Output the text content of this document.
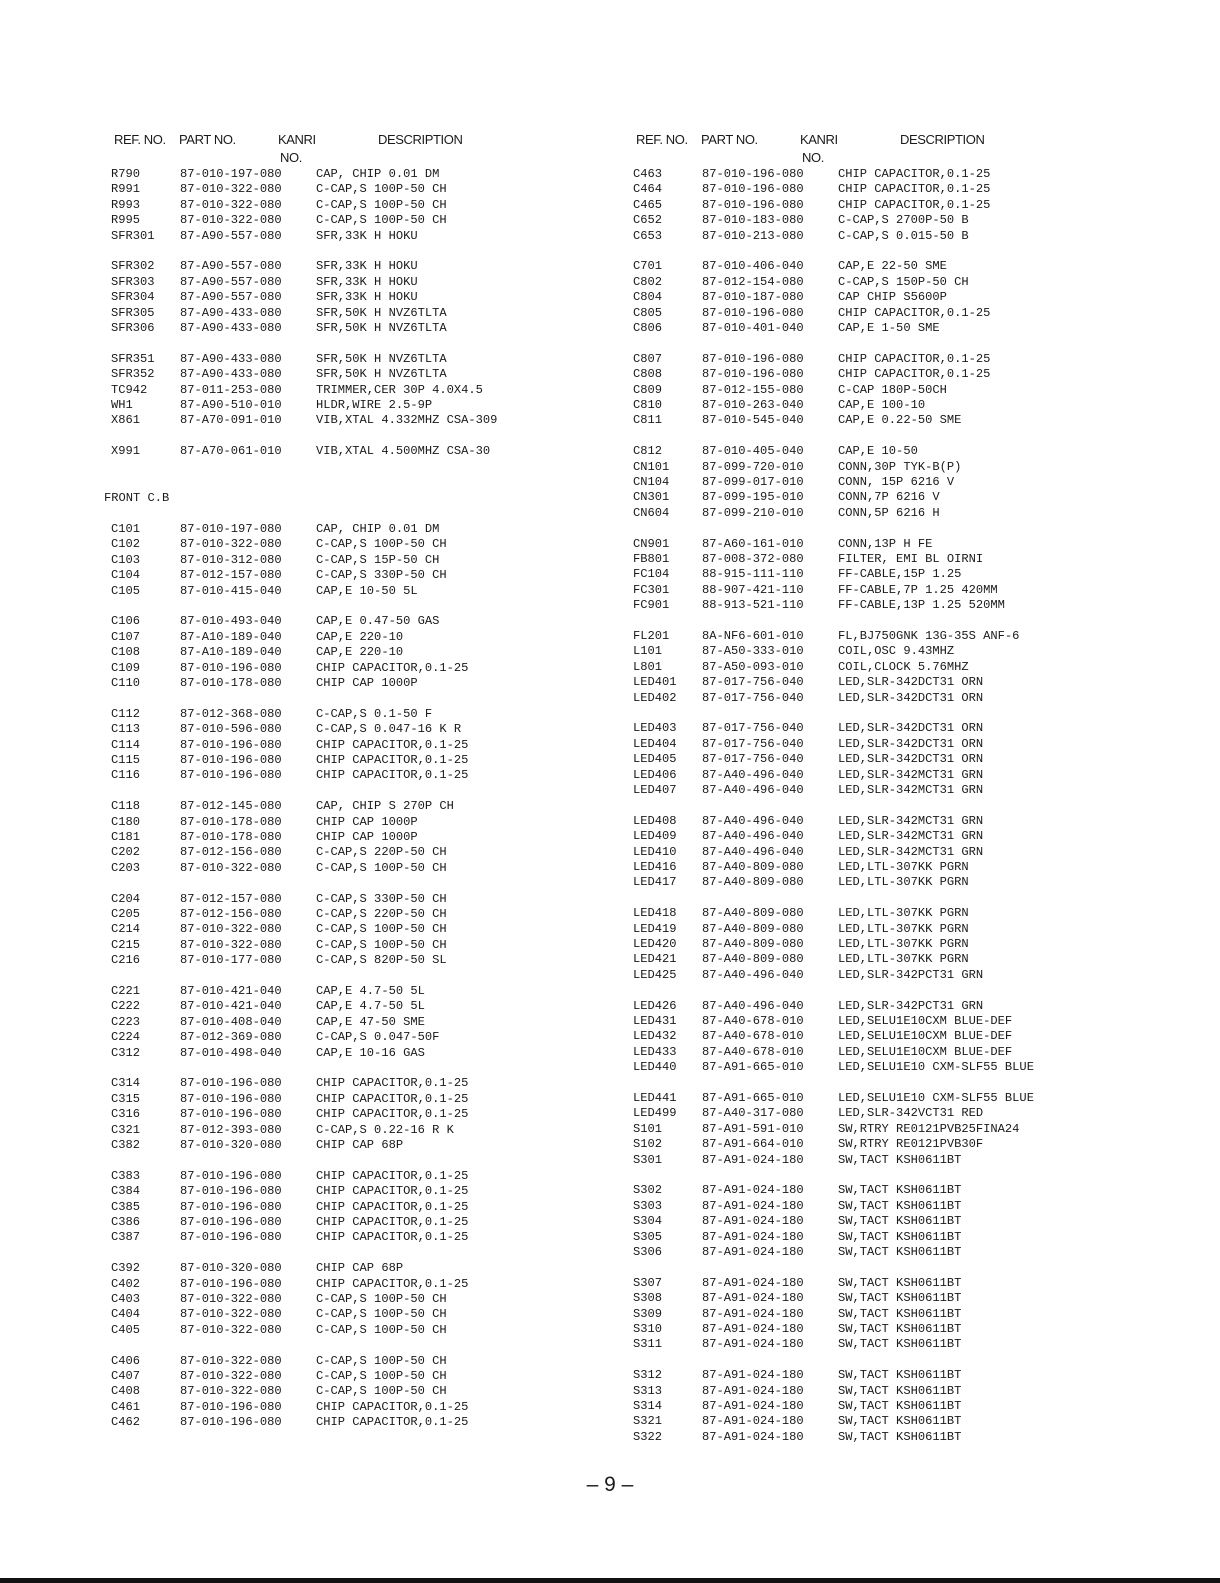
REF. NO. PART NO.	KANRI
NO.
DESCRIPTION
R790	87-010-197-080	CAP, CHIP 0.01 DM
R991	87-010-322-080	C-CAP,S 100P-50 CH
R993	87-010-322-080	C-CAP,S 100P-50 CH
R995	87-010-322-080	C-CAP,S 100P-50 CH
SFR301 87-A90-557-080	SFR,33K H HOKU
SFR302 87-A90-557-080	SFR,33K H HOKU
SFR303 87-A90-557-080	SFR,33K H HOKU
SFR304 87-A90-557-080	SFR,33K H HOKU
SFR305 87-A90-433-080	SFR,50K H NVZ6TLTA
SFR306 87-A90-433-080	SFR,50K H NVZ6TLTA
SFR351 87-A90-433-080	SFR,50K H NVZ6TLTA
SFR352 87-A90-433-080	SFR,50K H NVZ6TLTA
TC942	87-011-253-080	TRIMMER,CER 30P 4.0X4.5
WH1	87-A90-510-010	HLDR,WIRE 2.5-9P
X861	87-A70-091-010	VIB,XTAL 4.332MHZ CSA-309
X991	87-A70-061-010	VIB,XTAL 4.500MHZ CSA-30
FRONT C.B
C101	87-010-197-080	CAP, CHIP 0.01 DM
C102	87-010-322-080	C-CAP,S 100P-50 CH
C103	87-010-312-080	C-CAP,S 15P-50 CH
C104	87-012-157-080	C-CAP,S 330P-50 CH
C105	87-010-415-040	CAP,E 10-50 5L
C106	87-010-493-040	CAP,E 0.47-50 GAS
C107	87-A10-189-040	CAP,E 220-10
C108	87-A10-189-040	CAP,E 220-10
C109	87-010-196-080	CHIP CAPACITOR,0.1-25
C110	87-010-178-080	CHIP CAP 1000P
C112	87-012-368-080	C-CAP,S 0.1-50 F
C113	87-010-596-080	C-CAP,S 0.047-16 K R
C114	87-010-196-080	CHIP CAPACITOR,0.1-25
C115	87-010-196-080	CHIP CAPACITOR,0.1-25
C116	87-010-196-080	CHIP CAPACITOR,0.1-25
C118	87-012-145-080	CAP, CHIP S 270P CH
C180	87-010-178-080	CHIP CAP 1000P
C181	87-010-178-080	CHIP CAP 1000P
C202	87-012-156-080	C-CAP,S 220P-50 CH
C203	87-010-322-080	C-CAP,S 100P-50 CH
C204	87-012-157-080	C-CAP,S 330P-50 CH
C205	87-012-156-080	C-CAP,S 220P-50 CH
C214	87-010-322-080	C-CAP,S 100P-50 CH
C215	87-010-322-080	C-CAP,S 100P-50 CH
C216	87-010-177-080	C-CAP,S 820P-50 SL
C221	87-010-421-040	CAP,E 4.7-50 5L
C222	87-010-421-040	CAP,E 4.7-50 5L
C223	87-010-408-040	CAP,E 47-50 SME
C224	87-012-369-080	C-CAP,S 0.047-50F
C312	87-010-498-040	CAP,E 10-16 GAS
C314	87-010-196-080	CHIP CAPACITOR,0.1-25
C315	87-010-196-080	CHIP CAPACITOR,0.1-25
C316	87-010-196-080	CHIP CAPACITOR,0.1-25
C321	87-012-393-080	C-CAP,S 0.22-16 R K
C382	87-010-320-080	CHIP CAP 68P
C383	87-010-196-080	CHIP CAPACITOR,0.1-25
C384	87-010-196-080	CHIP CAPACITOR,0.1-25
C385	87-010-196-080	CHIP CAPACITOR,0.1-25
C386	87-010-196-080	CHIP CAPACITOR,0.1-25
C387	87-010-196-080	CHIP CAPACITOR,0.1-25
C392	87-010-320-080	CHIP CAP 68P
C402	87-010-196-080	CHIP CAPACITOR,0.1-25
C403	87-010-322-080	C-CAP,S 100P-50 CH
C404	87-010-322-080	C-CAP,S 100P-50 CH
C405	87-010-322-080	C-CAP,S 100P-50 CH
C406	87-010-322-080	C-CAP,S 100P-50 CH
C407	87-010-322-080	C-CAP,S 100P-50 CH
C408	87-010-322-080	C-CAP,S 100P-50 CH
C461	87-010-196-080	CHIP CAPACITOR,0.1-25
C462	87-010-196-080	CHIP CAPACITOR,0.1-25
REF. NO. PART NO.	KANRI
NO.
DESCRIPTION
C463	87-010-196-080	CHIP CAPACITOR,0.1-25
C464	87-010-196-080	CHIP CAPACITOR,0.1-25
C465	87-010-196-080	CHIP CAPACITOR,0.1-25
C652	87-010-183-080	C-CAP,S 2700P-50 B
C653	87-010-213-080	C-CAP,S 0.015-50 B
C701	87-010-406-040	CAP,E 22-50 SME
C802	87-012-154-080	C-CAP,S 150P-50 CH
C804	87-010-187-080	CAP CHIP S5600P
C805	87-010-196-080	CHIP CAPACITOR,0.1-25
C806	87-010-401-040	CAP,E 1-50 SME
C807	87-010-196-080	CHIP CAPACITOR,0.1-25
C808	87-010-196-080	CHIP CAPACITOR,0.1-25
C809	87-012-155-080	C-CAP 180P-50CH
C810	87-010-263-040	CAP,E 100-10
C811	87-010-545-040	CAP,E 0.22-50 SME
C812	87-010-405-040	CAP,E 10-50
CN101	87-099-720-010	CONN,30P TYK-B(P)
CN104	87-099-017-010	CONN, 15P 6216 V
CN301	87-099-195-010	CONN,7P 6216 V
CN604	87-099-210-010	CONN,5P 6216 H
CN901	87-A60-161-010	CONN,13P H FE
FB801	87-008-372-080	FILTER, EMI BL OIRNI
FC104	88-915-111-110	FF-CABLE,15P 1.25
FC301	88-907-421-110	FF-CABLE,7P 1.25 420MM
FC901	88-913-521-110	FF-CABLE,13P 1.25 520MM
FL201	8A-NF6-601-010	FL,BJ750GNK 13G-35S ANF-6
L101	87-A50-333-010	COIL,OSC 9.43MHZ
L801	87-A50-093-010	COIL,CLOCK 5.76MHZ
LED401 87-017-756-040	LED,SLR-342DCT31 ORN
LED402 87-017-756-040	LED,SLR-342DCT31 ORN
LED403 87-017-756-040	LED,SLR-342DCT31 ORN
LED404 87-017-756-040	LED,SLR-342DCT31 ORN
LED405 87-017-756-040	LED,SLR-342DCT31 ORN
LED406 87-A40-496-040	LED,SLR-342MCT31 GRN
LED407 87-A40-496-040	LED,SLR-342MCT31 GRN
LED408 87-A40-496-040	LED,SLR-342MCT31 GRN
LED409 87-A40-496-040	LED,SLR-342MCT31 GRN
LED410 87-A40-496-040	LED,SLR-342MCT31 GRN
LED416 87-A40-809-080	LED,LTL-307KK PGRN
LED417 87-A40-809-080	LED,LTL-307KK PGRN
LED418 87-A40-809-080	LED,LTL-307KK PGRN
LED419 87-A40-809-080	LED,LTL-307KK PGRN
LED420 87-A40-809-080	LED,LTL-307KK PGRN
LED421 87-A40-809-080	LED,LTL-307KK PGRN
LED425 87-A40-496-040	LED,SLR-342PCT31 GRN
LED426 87-A40-496-040	LED,SLR-342PCT31 GRN
LED431 87-A40-678-010	LED,SELU1E10CXM BLUE-DEF
LED432 87-A40-678-010	LED,SELU1E10CXM BLUE-DEF
LED433 87-A40-678-010	LED,SELU1E10CXM BLUE-DEF
LED440 87-A91-665-010	LED,SELU1E10 CXM-SLF55 BLUE
LED441 87-A91-665-010	LED,SELU1E10 CXM-SLF55 BLUE
LED499 87-A40-317-080	LED,SLR-342VCT31 RED
S101	87-A91-591-010	SW,RTRY RE0121PVB25FINA24
S102	87-A91-664-010	SW,RTRY RE0121PVB30F
S301	87-A91-024-180	SW,TACT KSH0611BT
S302	87-A91-024-180	SW,TACT KSH0611BT
S303	87-A91-024-180	SW,TACT KSH0611BT
S304	87-A91-024-180	SW,TACT KSH0611BT
S305	87-A91-024-180	SW,TACT KSH0611BT
S306	87-A91-024-180	SW,TACT KSH0611BT
S307	87-A91-024-180	SW,TACT KSH0611BT
S308	87-A91-024-180	SW,TACT KSH0611BT
S309	87-A91-024-180	SW,TACT KSH0611BT
S310	87-A91-024-180	SW,TACT KSH0611BT
S311	87-A91-024-180	SW,TACT KSH0611BT
S312	87-A91-024-180	SW,TACT KSH0611BT
S313	87-A91-024-180	SW,TACT KSH0611BT
S314	87-A91-024-180	SW,TACT KSH0611BT
S321	87-A91-024-180	SW,TACT KSH0611BT
S322	87-A91-024-180	SW,TACT KSH0611BT
– 9 –
